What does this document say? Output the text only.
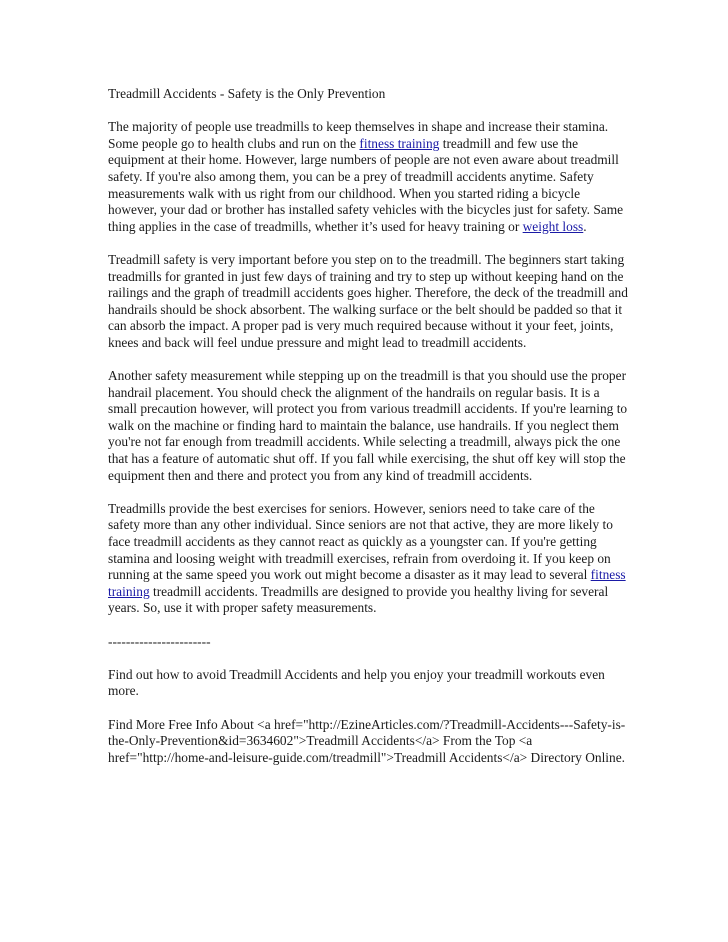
Treadmill Accidents - Safety is the Only Prevention

The majority of people use treadmills to keep themselves in shape and increase their stamina. Some people go to health clubs and run on the fitness training treadmill and few use the equipment at their home. However, large numbers of people are not even aware about treadmill safety. If you're also among them, you can be a prey of treadmill accidents anytime. Safety measurements walk with us right from our childhood. When you started riding a bicycle however, your dad or brother has installed safety vehicles with the bicycles just for safety. Same thing applies in the case of treadmills, whether it’s used for heavy training or weight loss.

Treadmill safety is very important before you step on to the treadmill. The beginners start taking treadmills for granted in just few days of training and try to step up without keeping hand on the railings and the graph of treadmill accidents goes higher. Therefore, the deck of the treadmill and handrails should be shock absorbent. The walking surface or the belt should be padded so that it can absorb the impact. A proper pad is very much required because without it your feet, joints, knees and back will feel undue pressure and might lead to treadmill accidents.

Another safety measurement while stepping up on the treadmill is that you should use the proper handrail placement. You should check the alignment of the handrails on regular basis. It is a small precaution however, will protect you from various treadmill accidents. If you're learning to walk on the machine or finding hard to maintain the balance, use handrails. If you neglect them you're not far enough from treadmill accidents. While selecting a treadmill, always pick the one that has a feature of automatic shut off. If you fall while exercising, the shut off key will stop the equipment then and there and protect you from any kind of treadmill accidents.

Treadmills provide the best exercises for seniors. However, seniors need to take care of the safety more than any other individual. Since seniors are not that active, they are more likely to face treadmill accidents as they cannot react as quickly as a youngster can. If you're getting stamina and loosing weight with treadmill exercises, refrain from overdoing it. If you keep on running at the same speed you work out might become a disaster as it may lead to several fitness training treadmill accidents. Treadmills are designed to provide you healthy living for several years. So, use it with proper safety measurements.

-----------------------

Find out how to avoid Treadmill Accidents and help you enjoy your treadmill workouts even more.

Find More Free Info About <a href="http://EzineArticles.com/?Treadmill-Accidents---Safety-is-the-Only-Prevention&id=3634602">Treadmill Accidents</a> From the Top <a href="http://home-and-leisure-guide.com/treadmill">Treadmill Accidents</a> Directory Online.
